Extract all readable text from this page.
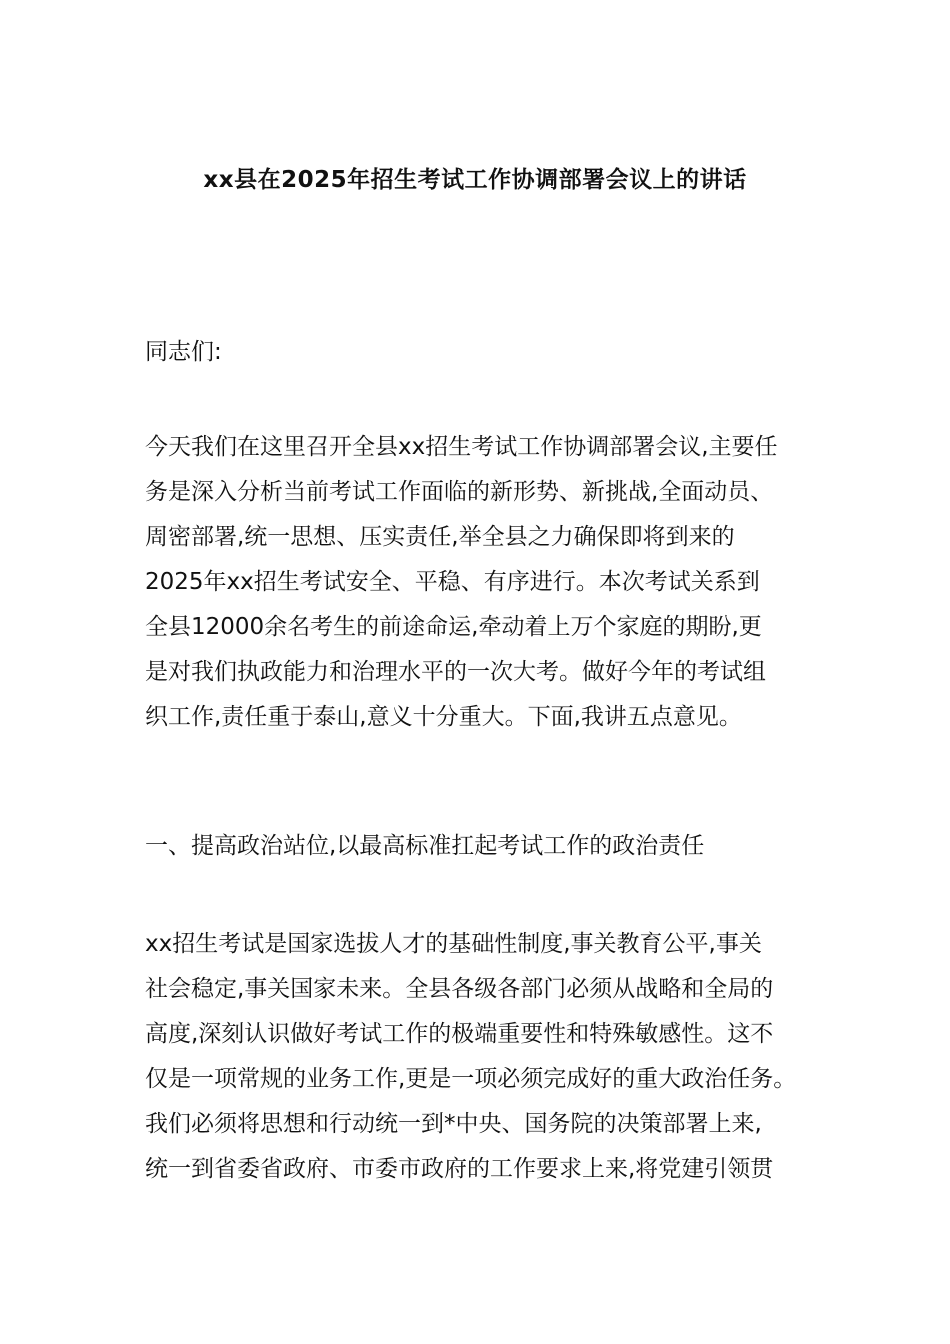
xx县在2025年招生考试工作协调部署会议上的讲话
同志们:
今天我们在这里召开全县xx招生考试工作协调部署会议,主要任
务是深入分析当前考试工作面临的新形势、新挑战,全面动员、
周密部署,统一思想、压实责任,举全县之力确保即将到来的
2025年xx招生考试安全、平稳、有序进行。本次考试关系到
全县12000余名考生的前途命运,牵动着上万个家庭的期盼,更
是对我们执政能力和治理水平的一次大考。做好今年的考试组
织工作,责任重于泰山,意义十分重大。下面,我讲五点意见。
一、提高政治站位,以最高标准扛起考试工作的政治责任
xx招生考试是国家选拔人才的基础性制度,事关教育公平,事关
社会稳定,事关国家未来。全县各级各部门必须从战略和全局的
高度,深刻认识做好考试工作的极端重要性和特殊敏感性。这不
仅是一项常规的业务工作,更是一项必须完成好的重大政治任务。
我们必须将思想和行动统一到*中央、国务院的决策部署上来,
统一到省委省政府、市委市政府的工作要求上来,将党建引领贯
